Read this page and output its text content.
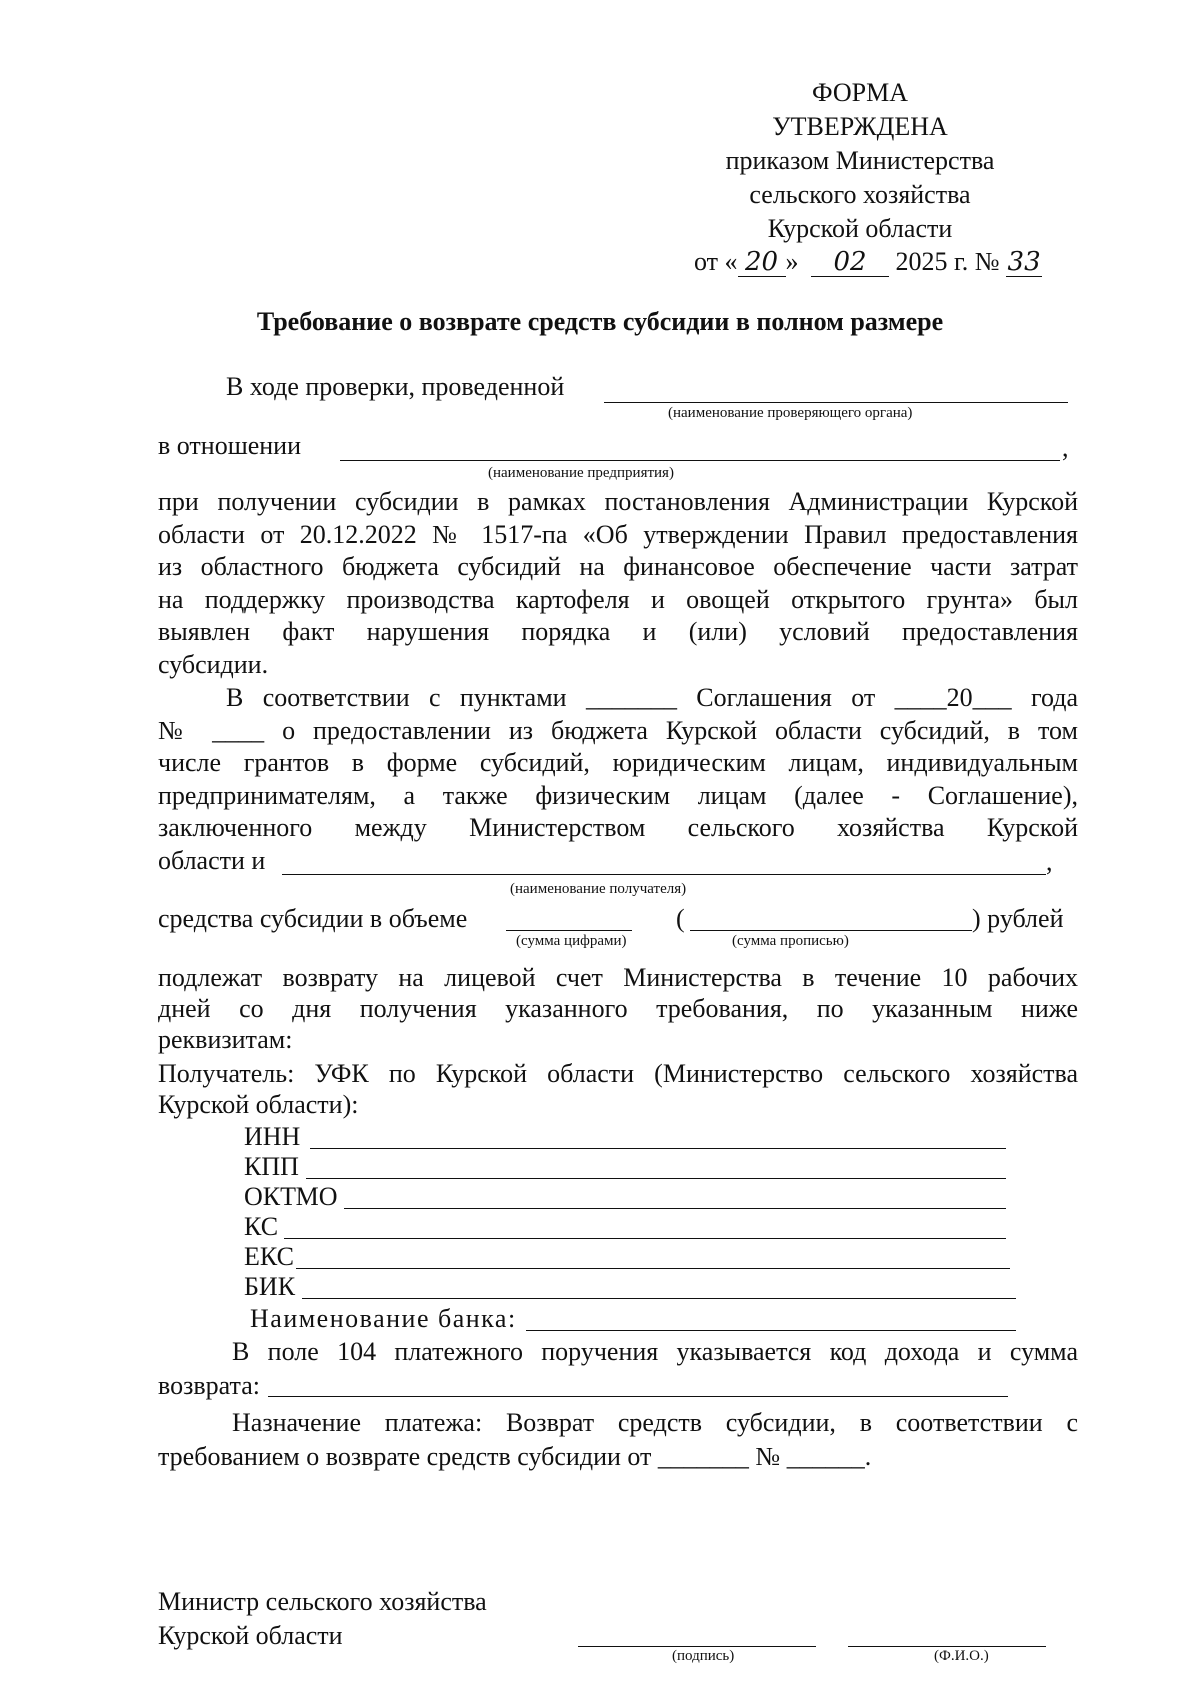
ФОРМА
УТВЕРЖДЕНА
приказом Министерства
сельского хозяйства
Курской области
от « 20 » 02 2025 г. № 33
Требование о возврате средств субсидии в полном размере
В ходе проверки, проведенной
(наименование проверяющего органа)
в отношении	,
(наименование предприятия)
при получении субсидии в рамках постановления Администрации Курской
области от 20.12.2022 № 1517-па «Об утверждении Правил предоставления
из областного бюджета субсидий на финансовое обеспечение части затрат
на поддержку производства картофеля и овощей открытого грунта» был
выявлен факт нарушения порядка и (или) условий предоставления
субсидии.
В соответствии с пунктами _______ Соглашения от ____20___ года
№ ____ о предоставлении из бюджета Курской области субсидий, в том
числе грантов в форме субсидий, юридическим лицам, индивидуальным
предпринимателям, а также физическим лицам (далее - Соглашение),
заключенного между Министерством сельского хозяйства Курской
области и	,
(наименование получателя)
средства субсидии в объеме	(	) рублей
(сумма цифрами)	(сумма прописью)
подлежат возврату на лицевой счет Министерства в течение 10 рабочих
дней со дня получения указанного требования, по указанным ниже
реквизитам:
Получатель: УФК по Курской области (Министерство сельского хозяйства
Курской области):
ИНН
КПП
ОКТМО
КС
ЕКС
БИК
Наименование банка:
В поле 104 платежного поручения указывается код дохода и сумма
возврата:
Назначение платежа: Возврат средств субсидии, в соответствии с
требованием о возврате средств субсидии от _______ № ______.
Министр сельского хозяйства
Курской области
(подпись)	(Ф.И.О.)
